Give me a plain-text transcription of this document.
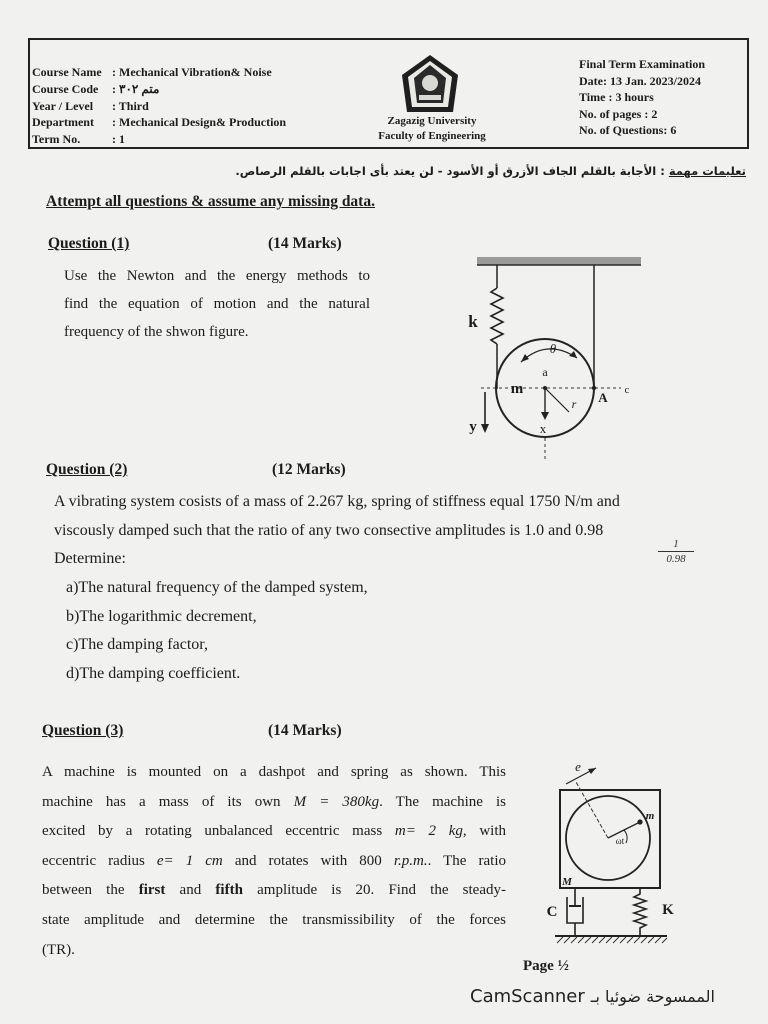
Course Name : Mechanical Vibration& Noise
Course Code	: متم ٣٠٢
Year / Level	: Third
Department	: Mechanical Design& Production
Term No.	: 1
Zagazig University
Faculty of Engineering
Final Term Examination
Date: 13 Jan. 2023/2024
Time : 3 hours
No. of pages : 2
No. of Questions: 6
تعليمات مهمة : الأجابة بالقلم الجاف الأزرق أو الأسود - لن يعتد بأى اجابات بالقلم الرصاص.
Attempt all questions & assume any missing data.
Question (1)	(14 Marks)
Use the Newton and the energy methods to
find the equation of motion and the natural
frequency of the shwon figure.
k
m
a
A c
r
x
y
θ
Question (2)	(12 Marks)
A vibrating system cosists of a mass of 2.267 kg, spring of stiffness equal 1750 N/m and
viscously damped such that the ratio of any two consective amplitudes is 1.0 and 0.98
Determine:
a)The natural frequency of the damped system,
b)The logarithmic decrement,
c)The damping factor,
d)The damping coefficient.
1
0.98
Question (3)	(14 Marks)
A machine is mounted on a dashpot and spring as shown. This
machine has a mass of its own M = 380kg. The machine is
excited by a rotating unbalanced eccentric mass m= 2 kg, with
eccentric radius e= 1 cm and rotates with 800 r.p.m.. The ratio
between the first and fifth amplitude is 20. Find the steady-
state amplitude and determine the transmissibility of the forces
(TR).
e
m
ωt
M
C	K
Page ½
CamScanner الممسوحة ضوئيا بـ
